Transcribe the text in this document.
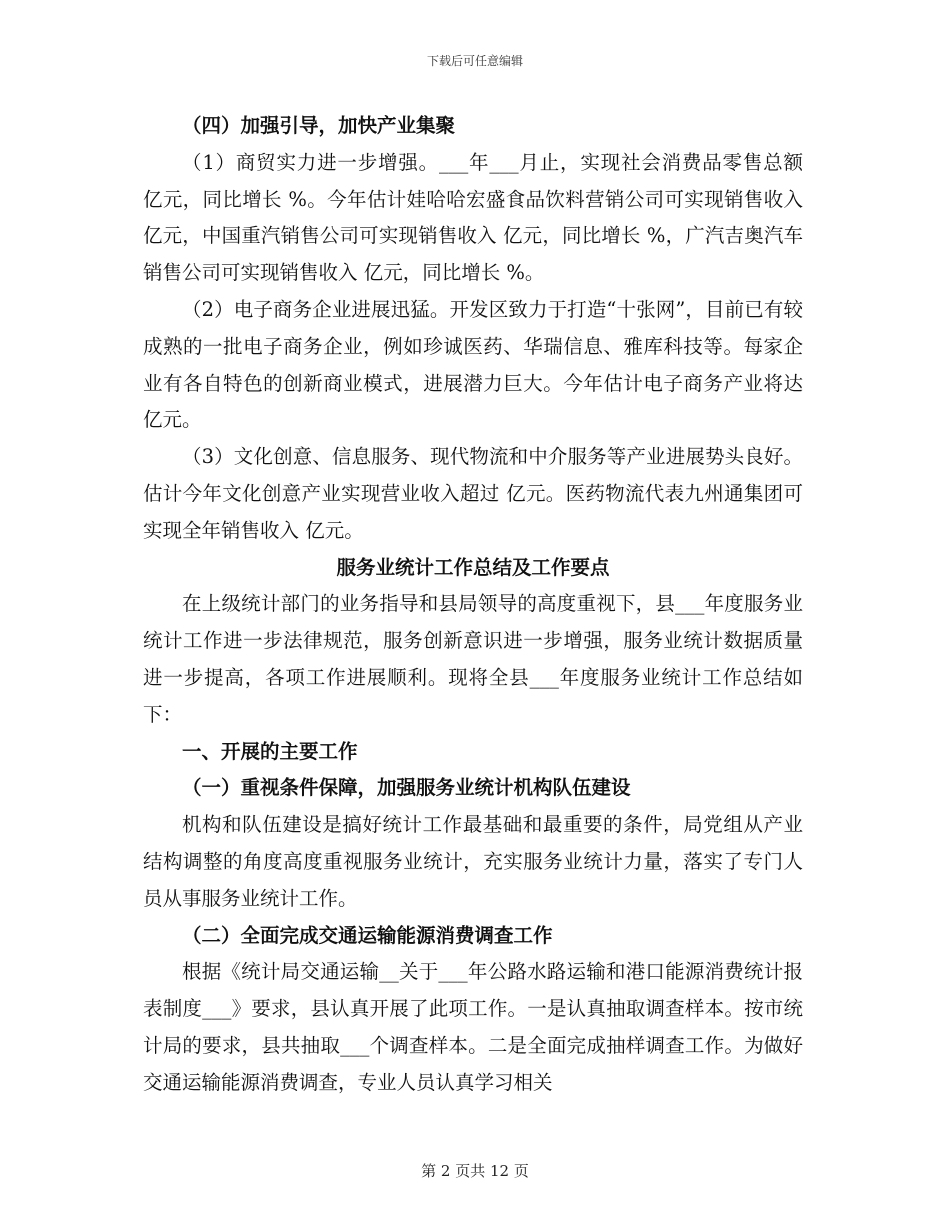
下载后可任意编辑

（四）加强引导，加快产业集聚

（1）商贸实力进一步增强。___年___月止，实现社会消费品零售总额 亿元，同比增长 %。今年估计娃哈哈宏盛食品饮料营销公司可实现销售收入 亿元，中国重汽销售公司可实现销售收入 亿元，同比增长 %，广汽吉奥汽车销售公司可实现销售收入 亿元，同比增长 %。

（2）电子商务企业进展迅猛。开发区致力于打造“十张网”，目前已有较成熟的一批电子商务企业，例如珍诚医药、华瑞信息、雅库科技等。每家企业有各自特色的创新商业模式，进展潜力巨大。今年估计电子商务产业将达 亿元。

（3）文化创意、信息服务、现代物流和中介服务等产业进展势头良好。估计今年文化创意产业实现营业收入超过 亿元。医药物流代表九州通集团可实现全年销售收入 亿元。

服务业统计工作总结及工作要点

在上级统计部门的业务指导和县局领导的高度重视下，县___年度服务业统计工作进一步法律规范，服务创新意识进一步增强，服务业统计数据质量进一步提高，各项工作进展顺利。现将全县___年度服务业统计工作总结如下：

一、开展的主要工作

（一）重视条件保障，加强服务业统计机构队伍建设

机构和队伍建设是搞好统计工作最基础和最重要的条件，局党组从产业结构调整的角度高度重视服务业统计，充实服务业统计力量，落实了专门人员从事服务业统计工作。

（二）全面完成交通运输能源消费调查工作

根据《统计局交通运输__关于___年公路水路运输和港口能源消费统计报表制度___》要求，县认真开展了此项工作。一是认真抽取调查样本。按市统计局的要求，县共抽取___个调查样本。二是全面完成抽样调查工作。为做好交通运输能源消费调查，专业人员认真学习相关

第 2 页共 12 页
